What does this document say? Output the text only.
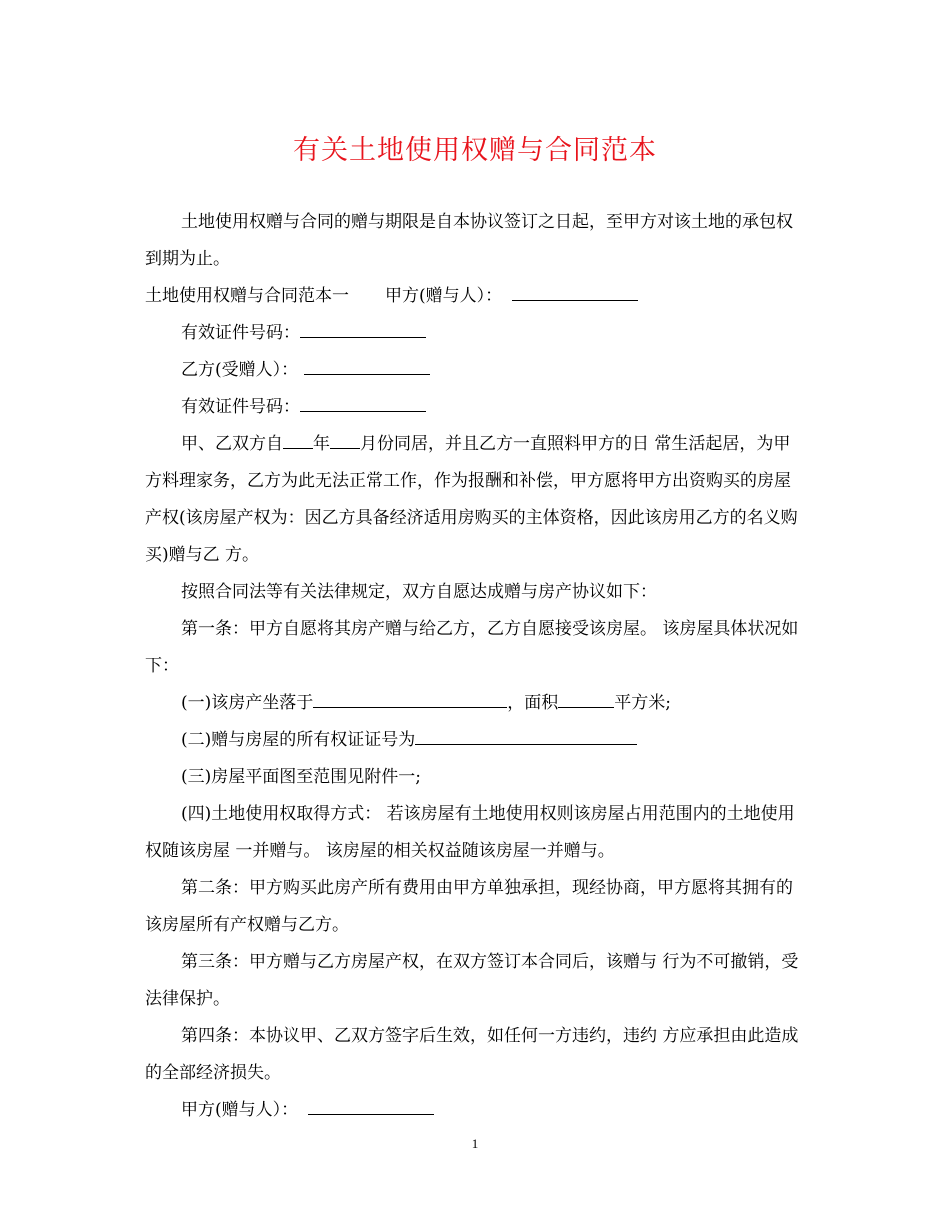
有关土地使用权赠与合同范本

土地使用权赠与合同的赠与期限是自本协议签订之日起，至甲方对该土地的承包权到期为止。

土地使用权赠与合同范本一 甲方(赠与人）：

有效证件号码：

乙方(受赠人）：

有效证件号码：

甲、乙双方自 年 月份同居，并且乙方一直照料甲方的日 常生活起居，为甲方料理家务，乙方为此无法正常工作，作为报酬和补偿，甲方愿将甲方出资购买的房屋产权(该房屋产权为：因乙方具备经济适用房购买的主体资格，因此该房用乙方的名义购买)赠与乙 方。

按照合同法等有关法律规定，双方自愿达成赠与房产协议如下：

第一条：甲方自愿将其房产赠与给乙方，乙方自愿接受该房屋。 该房屋具体状况如下：

(一)该房产坐落于	，面积	平方米;

(二)赠与房屋的所有权证证号为

(三)房屋平面图至范围见附件一;

(四)土地使用权取得方式： 若该房屋有土地使用权则该房屋占用范围内的土地使用权随该房屋 一并赠与。 该房屋的相关权益随该房屋一并赠与。

第二条：甲方购买此房产所有费用由甲方单独承担，现经协商，甲方愿将其拥有的该房屋所有产权赠与乙方。

第三条：甲方赠与乙方房屋产权，在双方签订本合同后，该赠与 行为不可撤销，受法律保护。

第四条：本协议甲、乙双方签字后生效，如任何一方违约，违约 方应承担由此造成的全部经济损失。

甲方(赠与人）：

1
